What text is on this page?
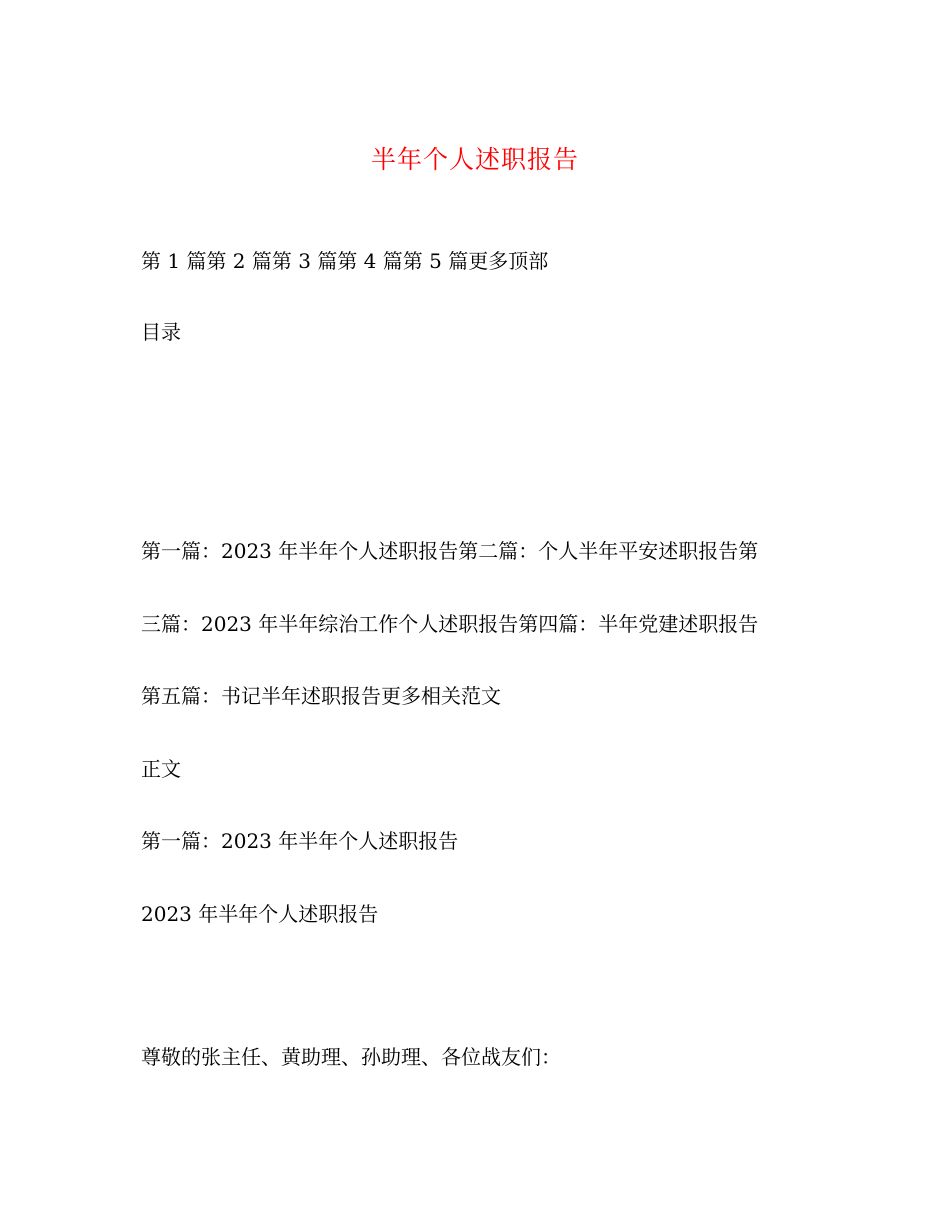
半年个人述职报告
第 1 篇第 2 篇第 3 篇第 4 篇第 5 篇更多顶部
目录
第一篇：2023 年半年个人述职报告第二篇：个人半年平安述职报告第
三篇：2023 年半年综治工作个人述职报告第四篇：半年党建述职报告
第五篇：书记半年述职报告更多相关范文
正文
第一篇：2023 年半年个人述职报告
2023 年半年个人述职报告
尊敬的张主任、黄助理、孙助理、各位战友们：
